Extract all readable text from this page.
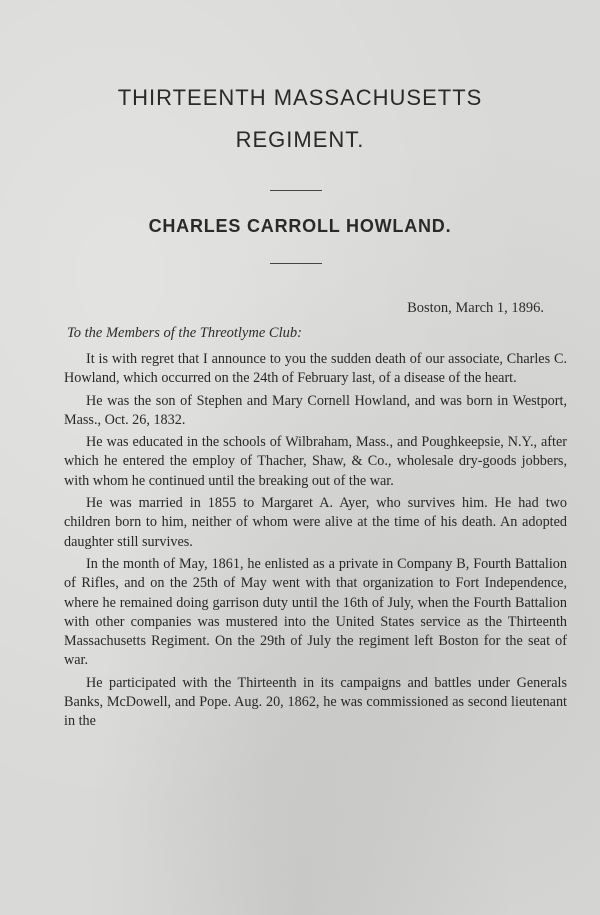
THIRTEENTH MASSACHUSETTS
REGIMENT.
CHARLES CARROLL HOWLAND.
Boston, March 1, 1896.
To the Members of the Threotlyme Club:

It is with regret that I announce to you the sudden death of our associate, Charles C. Howland, which occurred on the 24th of February last, of a disease of the heart.

He was the son of Stephen and Mary Cornell Howland, and was born in Westport, Mass., Oct. 26, 1832.

He was educated in the schools of Wilbraham, Mass., and Poughkeepsie, N.Y., after which he entered the employ of Thacher, Shaw, & Co., wholesale dry-goods jobbers, with whom he continued until the breaking out of the war.

He was married in 1855 to Margaret A. Ayer, who survives him. He had two children born to him, neither of whom were alive at the time of his death. An adopted daughter still survives.

In the month of May, 1861, he enlisted as a private in Company B, Fourth Battalion of Rifles, and on the 25th of May went with that organization to Fort Independence, where he remained doing garrison duty until the 16th of July, when the Fourth Battalion with other companies was mustered into the United States service as the Thirteenth Massachusetts Regiment. On the 29th of July the regiment left Boston for the seat of war.

He participated with the Thirteenth in its campaigns and battles under Generals Banks, McDowell, and Pope. Aug. 20, 1862, he was commissioned as second lieutenant in the
